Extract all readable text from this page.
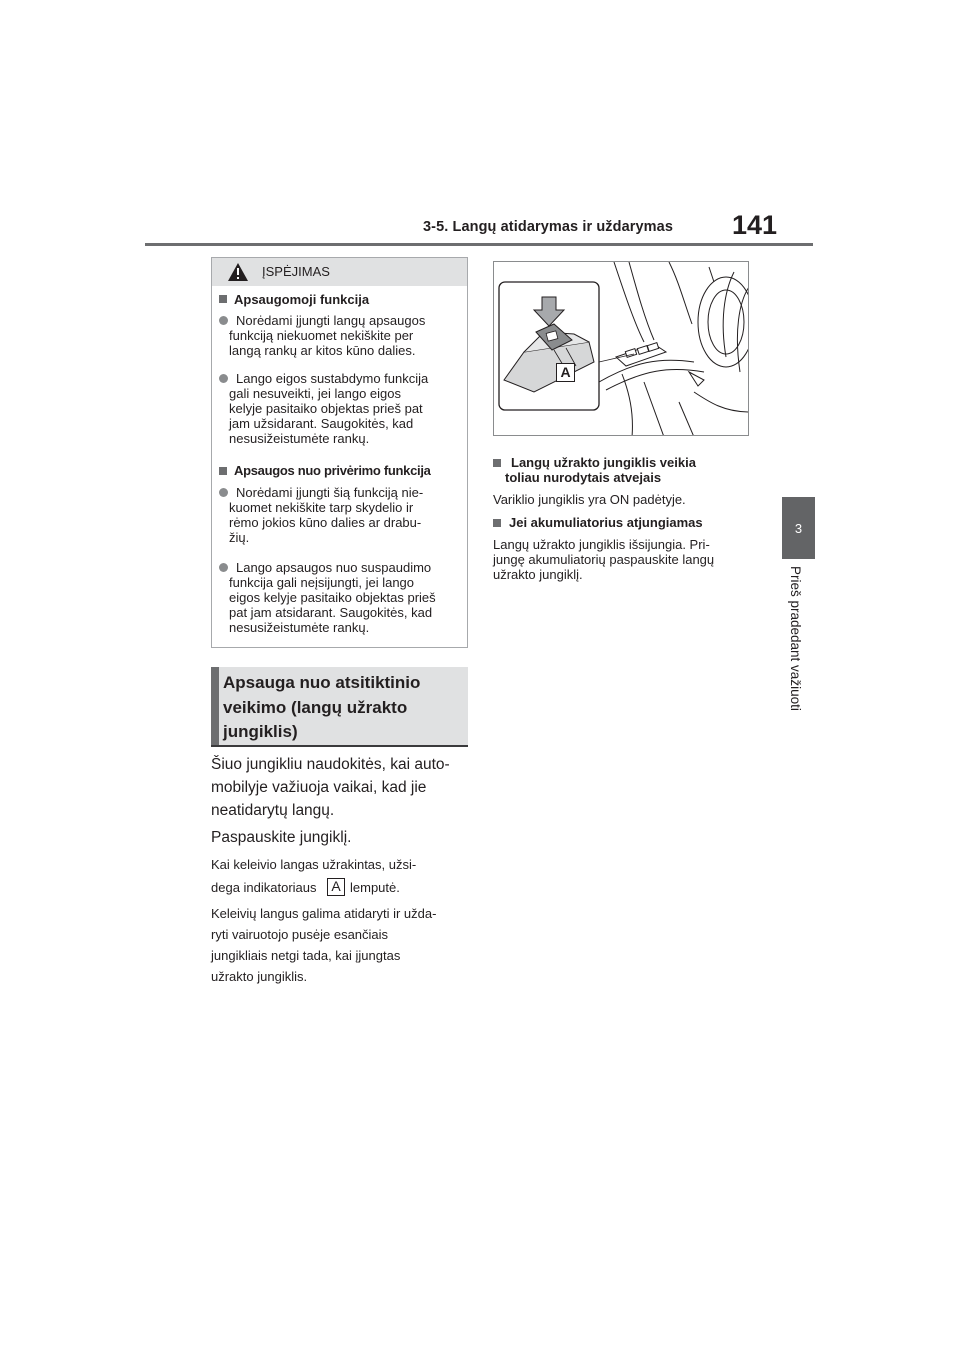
3-5. Langų atidarymas ir uždarymas 141
3
Prieš pradedant važiuoti
ĮSPĖJIMAS
Apsaugomoji funkcija
Norėdami įjungti langų apsaugos
funkciją niekuomet nekiškite per
langą rankų ar kitos kūno dalies.
Lango eigos sustabdymo funkcija
gali nesuveikti, jei lango eigos
kelyje pasitaiko objektas prieš pat
jam užsidarant. Saugokitės, kad
nesusižeistumėte rankų.
Apsaugos nuo privėrimo funkcija
Norėdami įjungti šią funkciją nie-
kuomet nekiškite tarp skydelio ir
rėmo jokios kūno dalies ar drabu-
žių.
Lango apsaugos nuo suspaudimo
funkcija gali neįsijungti, jei lango
eigos kelyje pasitaiko objektas prieš
pat jam atsidarant. Saugokitės, kad
nesusižeistumėte rankų.
Apsauga nuo atsitiktinio
veikimo (langų užrakto
jungiklis)
Šiuo jungikliu naudokitės, kai auto-
mobilyje važiuoja vaikai, kad jie
neatidarytų langų.
Paspauskite jungiklį.
Kai keleivio langas užrakintas, užsi-
dega indikatoriaus	A lemputė.
Keleivių langus galima atidaryti ir užda-
ryti vairuotojo pusėje esančiais
jungikliais netgi tada, kai įjungtas
užrakto jungiklis.
A
Langų užrakto jungiklis veikia
toliau nurodytais atvejais
Variklio jungiklis yra ON padėtyje.
Jei akumuliatorius atjungiamas
Langų užrakto jungiklis išsijungia. Pri-
jungę akumuliatorių paspauskite langų
užrakto jungiklį.
